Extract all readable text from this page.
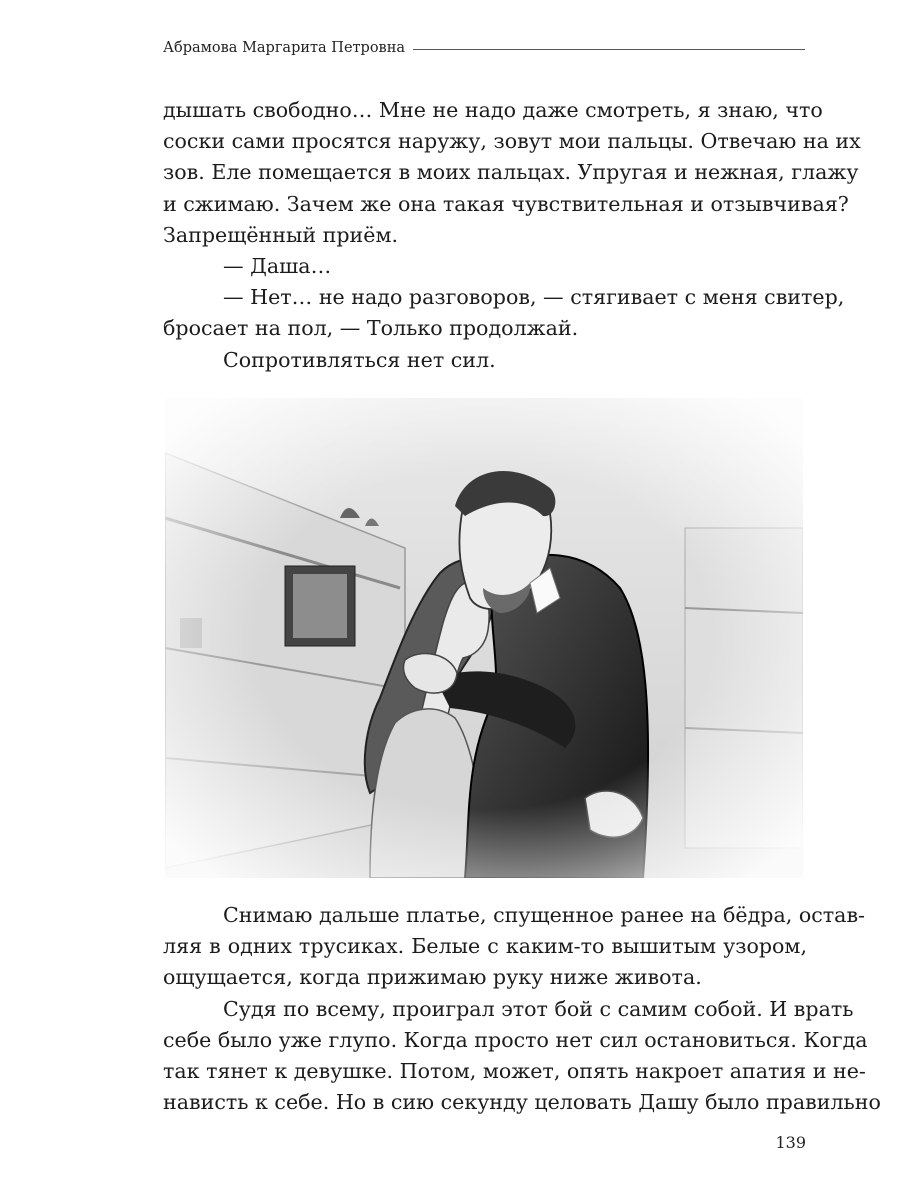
Абрамова Маргарита Петровна

дышать свободно… Мне не надо даже смотреть, я знаю, что
соски сами просятся наружу, зовут мои пальцы. Отвечаю на их
зов. Еле помещается в моих пальцах. Упругая и нежная, глажу
и сжимаю. Зачем же она такая чувствительная и отзывчивая?
Запрещённый приём.

— Даша…

— Нет… не надо разговоров, — стягивает с меня свитер,
бросает на пол, — Только продолжай.

Сопротивляться нет сил.

Снимаю дальше платье, спущенное ранее на бёдра, остав-
ляя в одних трусиках. Белые с каким-то вышитым узором,
ощущается, когда прижимаю руку ниже живота.

Судя по всему, проиграл этот бой с самим собой. И врать
себе было уже глупо. Когда просто нет сил остановиться. Когда
так тянет к девушке. Потом, может, опять накроет апатия и не-
нависть к себе. Но в сию секунду целовать Дашу было правильно

139
